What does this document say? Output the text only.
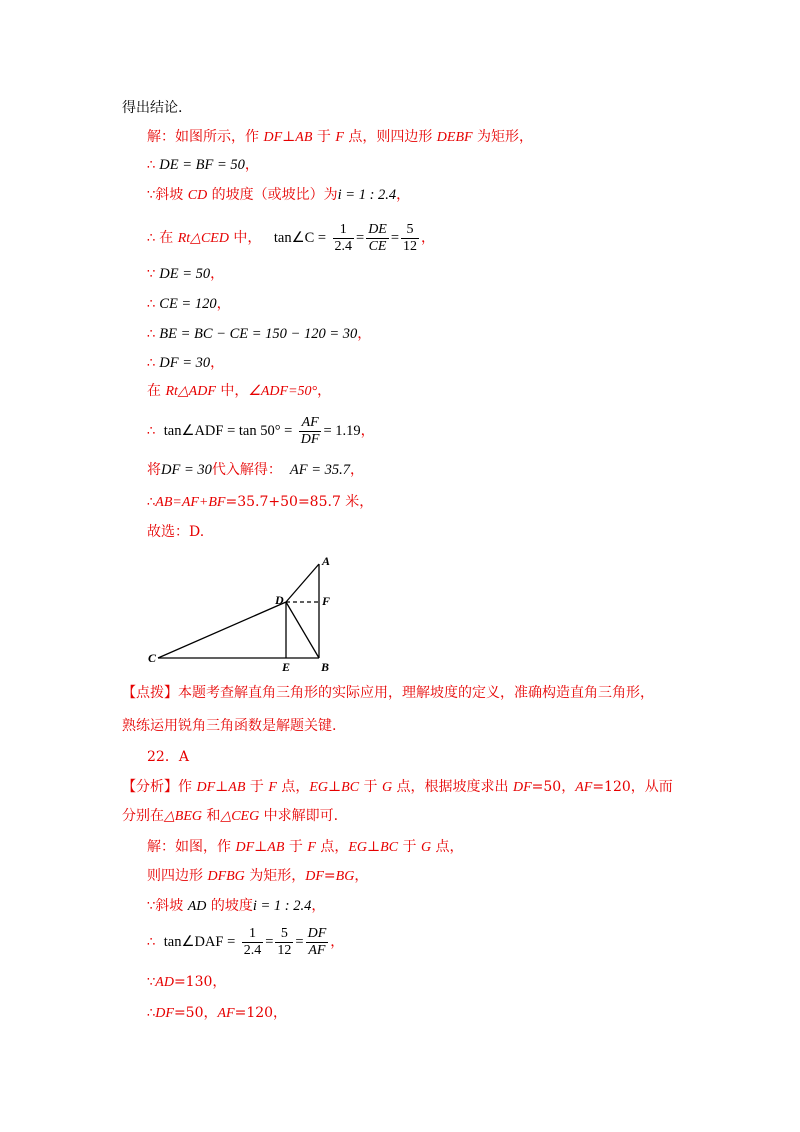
得出结论.
解：如图所示，作 DF⊥AB 于 F 点，则四边形 DEBF 为矩形，
∴ DE = BF = 50，
∵斜坡 CD 的坡度（或坡比）为i = 1 : 2.4，
∴ 在 Rt△CED 中， tan∠C = $\frac{1}{2.4} = \frac{DE}{CE} = \frac{5}{12}$ ，
∵ DE = 50，
∴ CE = 120，
∴ BE = BC − CE = 150 − 120 = 30，
∴ DF = 30，
在 Rt△ADF 中，∠ADF=50°，
∴ tan∠ADF = $\tan 50^\circ = \frac{AF}{DF} = 1.19$，
将DF = 30代入解得： AF = 35.7，
∴AB=AF+BF=35.7+50=85.7 米，
故选：D.
A
B
C
D
E
F
【点拨】本题考查解直角三角形的实际应用，理解坡度的定义，准确构造直角三角形，
熟练运用锐角三角函数是解题关键.
22．A
【分析】作 DF⊥AB 于 F 点，EG⊥BC 于 G 点，根据坡度求出 DF=50，AF=120，从而
分别在△BEG 和△CEG 中求解即可.
解：如图，作 DF⊥AB 于 F 点，EG⊥BC 于 G 点，
则四边形 DFBG 为矩形，DF=BG，
∵斜坡 AD 的坡度i = 1 : 2.4，
∴ tan∠DAF = $\frac{1}{2.4} = \frac{5}{12} = \frac{DF}{AF}$ ，
∵AD=130，
∴DF=50，AF=120，
